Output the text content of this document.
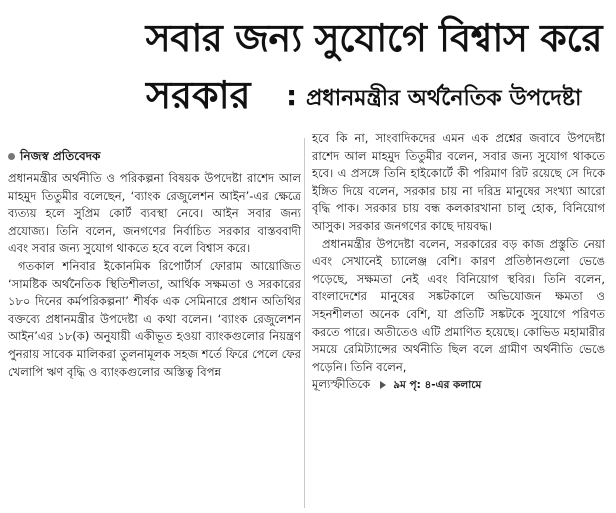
সবার জন্য সুযোগে বিশ্বাস করে
সরকার : প্রধানমন্ত্রীর অর্থনৈতিক উপদেষ্টা
নিজস্ব প্রতিবেদক

প্রধানমন্ত্রীর অর্থনীতি ও পরিকল্পনা বিষয়ক উপদেষ্টা রাশেদ আল মাহমুদ তিতুমীর বলেছেন, ‘ব্যাংক রেজুলেশন আইন’-এর ক্ষেত্রে ব্যত্যয় হলে সুপ্রিম কোর্ট ব্যবস্থা নেবে। আইন সবার জন্য প্রযোজ্য। তিনি বলেন, জনগণের নির্বাচিত সরকার বাস্তববাদী এবং সবার জন্য সুযোগ থাকতে হবে বলে বিশ্বাস করে।

গতকাল শনিবার ইকোনমিক রিপোর্টার্স ফোরাম আয়োজিত ‘সামষ্টিক অর্থনৈতিক স্থিতিশীলতা, আর্থিক সক্ষমতা ও সরকারের ১৮০ দিনের কর্মপরিকল্পনা’ শীর্ষক এক সেমিনারে প্রধান অতিথির বক্তব্যে প্রধানমন্ত্রীর উপদেষ্টা এ কথা বলেন। ‘ব্যাংক রেজুলেশন আইন’এর ১৮(ক) অনুযায়ী একীভূত হওয়া ব্যাংকগুলোর নিয়ন্ত্রণ পুনরায় সাবেক মালিকরা তুলনামূলক সহজ শর্তে ফিরে পেলে ফের খেলাপি ঋণ বৃদ্ধি ও ব্যাংকগুলোর অস্তিত্ব বিপন্ন

হবে কি না, সাংবাদিকদের এমন এক প্রশ্নের জবাবে উপদেষ্টা রাশেদ আল মাহমুদ তিতুমীর বলেন, সবার জন্য সুযোগ থাকতে হবে। এ প্রসঙ্গে তিনি হাইকোর্টে কী পরিমাণ রিট রয়েছে সে দিকে ইঙ্গিত দিয়ে বলেন, সরকার চায় না দরিদ্র মানুষের সংখ্যা আরো বৃদ্ধি পাক। সরকার চায় বন্ধ কলকারখানা চালু হোক, বিনিয়োগ আসুক। সরকার জনগণের কাছে দায়বদ্ধ।

প্রধানমন্ত্রীর উপদেষ্টা বলেন, সরকারের বড় কাজ প্রস্তুতি নেয়া এবং সেখানেই চ্যালেঞ্জ বেশি। কারণ প্রতিষ্ঠানগুলো ভেঙে পড়েছে, সক্ষমতা নেই এবং বিনিয়োগ স্থবির। তিনি বলেন, বাংলাদেশের মানুষের সঙ্কটকালে অভিযোজন ক্ষমতা ও সহনশীলতা অনেক বেশি, যা প্রতিটি সঙ্কটকে সুযোগে পরিণত করতে পারে। অতীতেও এটি প্রমাণিত হয়েছে। কোভিড মহামারীর সময়ে রেমিট্যান্সের অর্থনীতি ছিল বলে গ্রামীণ অর্থনীতি ভেঙে পড়েনি। তিনি বলেন,

মূল্যস্ফীতিকে ৯ম পৃ: ৪-এর কলামে
